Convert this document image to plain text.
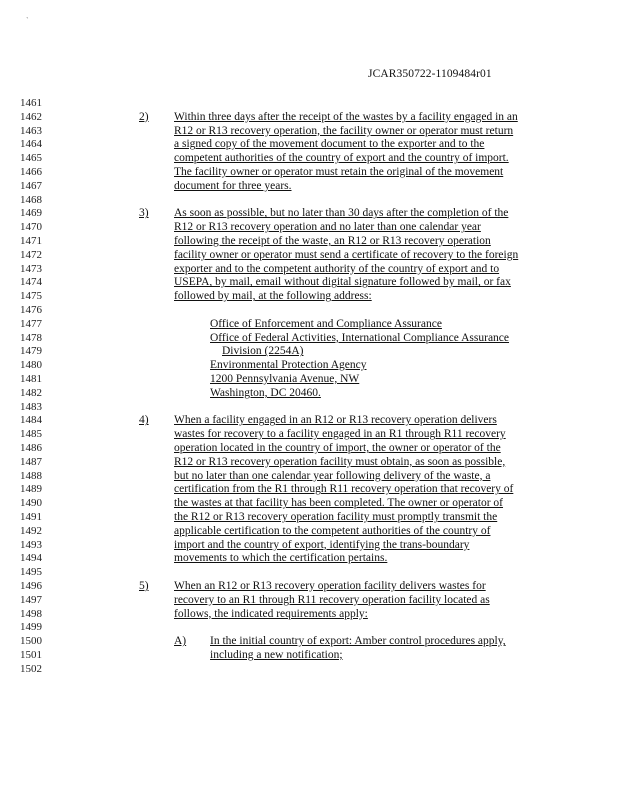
`
JCAR350722-1109484r01
1461
1462	2) Within three days after the receipt of the wastes by a facility engaged in an
1463	R12 or R13 recovery operation, the facility owner or operator must return
1464	a signed copy of the movement document to the exporter and to the
1465	competent authorities of the country of export and the country of import.
1466	The facility owner or operator must retain the original of the movement
1467	document for three years.
1468
1469	3) As soon as possible, but no later than 30 days after the completion of the
1470	R12 or R13 recovery operation and no later than one calendar year
1471	following the receipt of the waste, an R12 or R13 recovery operation
1472	facility owner or operator must send a certificate of recovery to the foreign
1473	exporter and to the competent authority of the country of export and to
1474	USEPA, by mail, email without digital signature followed by mail, or fax
1475	followed by mail, at the following address:
1476
1477	Office of Enforcement and Compliance Assurance
1478	Office of Federal Activities, International Compliance Assurance
1479	Division (2254A)
1480	Environmental Protection Agency
1481	1200 Pennsylvania Avenue, NW
1482	Washington, DC 20460.
1483
1484	4) When a facility engaged in an R12 or R13 recovery operation delivers
1485	wastes for recovery to a facility engaged in an R1 through R11 recovery
1486	operation located in the country of import, the owner or operator of the
1487	R12 or R13 recovery operation facility must obtain, as soon as possible,
1488	but no later than one calendar year following delivery of the waste, a
1489	certification from the R1 through R11 recovery operation that recovery of
1490	the wastes at that facility has been completed. The owner or operator of
1491	the R12 or R13 recovery operation facility must promptly transmit the
1492	applicable certification to the competent authorities of the country of
1493	import and the country of export, identifying the trans-boundary
1494	movements to which the certification pertains.
1495
1496	5) When an R12 or R13 recovery operation facility delivers wastes for
1497	recovery to an R1 through R11 recovery operation facility located as
1498	follows, the indicated requirements apply:
1499
1500	A) In the initial country of export: Amber control procedures apply,
1501	including a new notification;
1502
